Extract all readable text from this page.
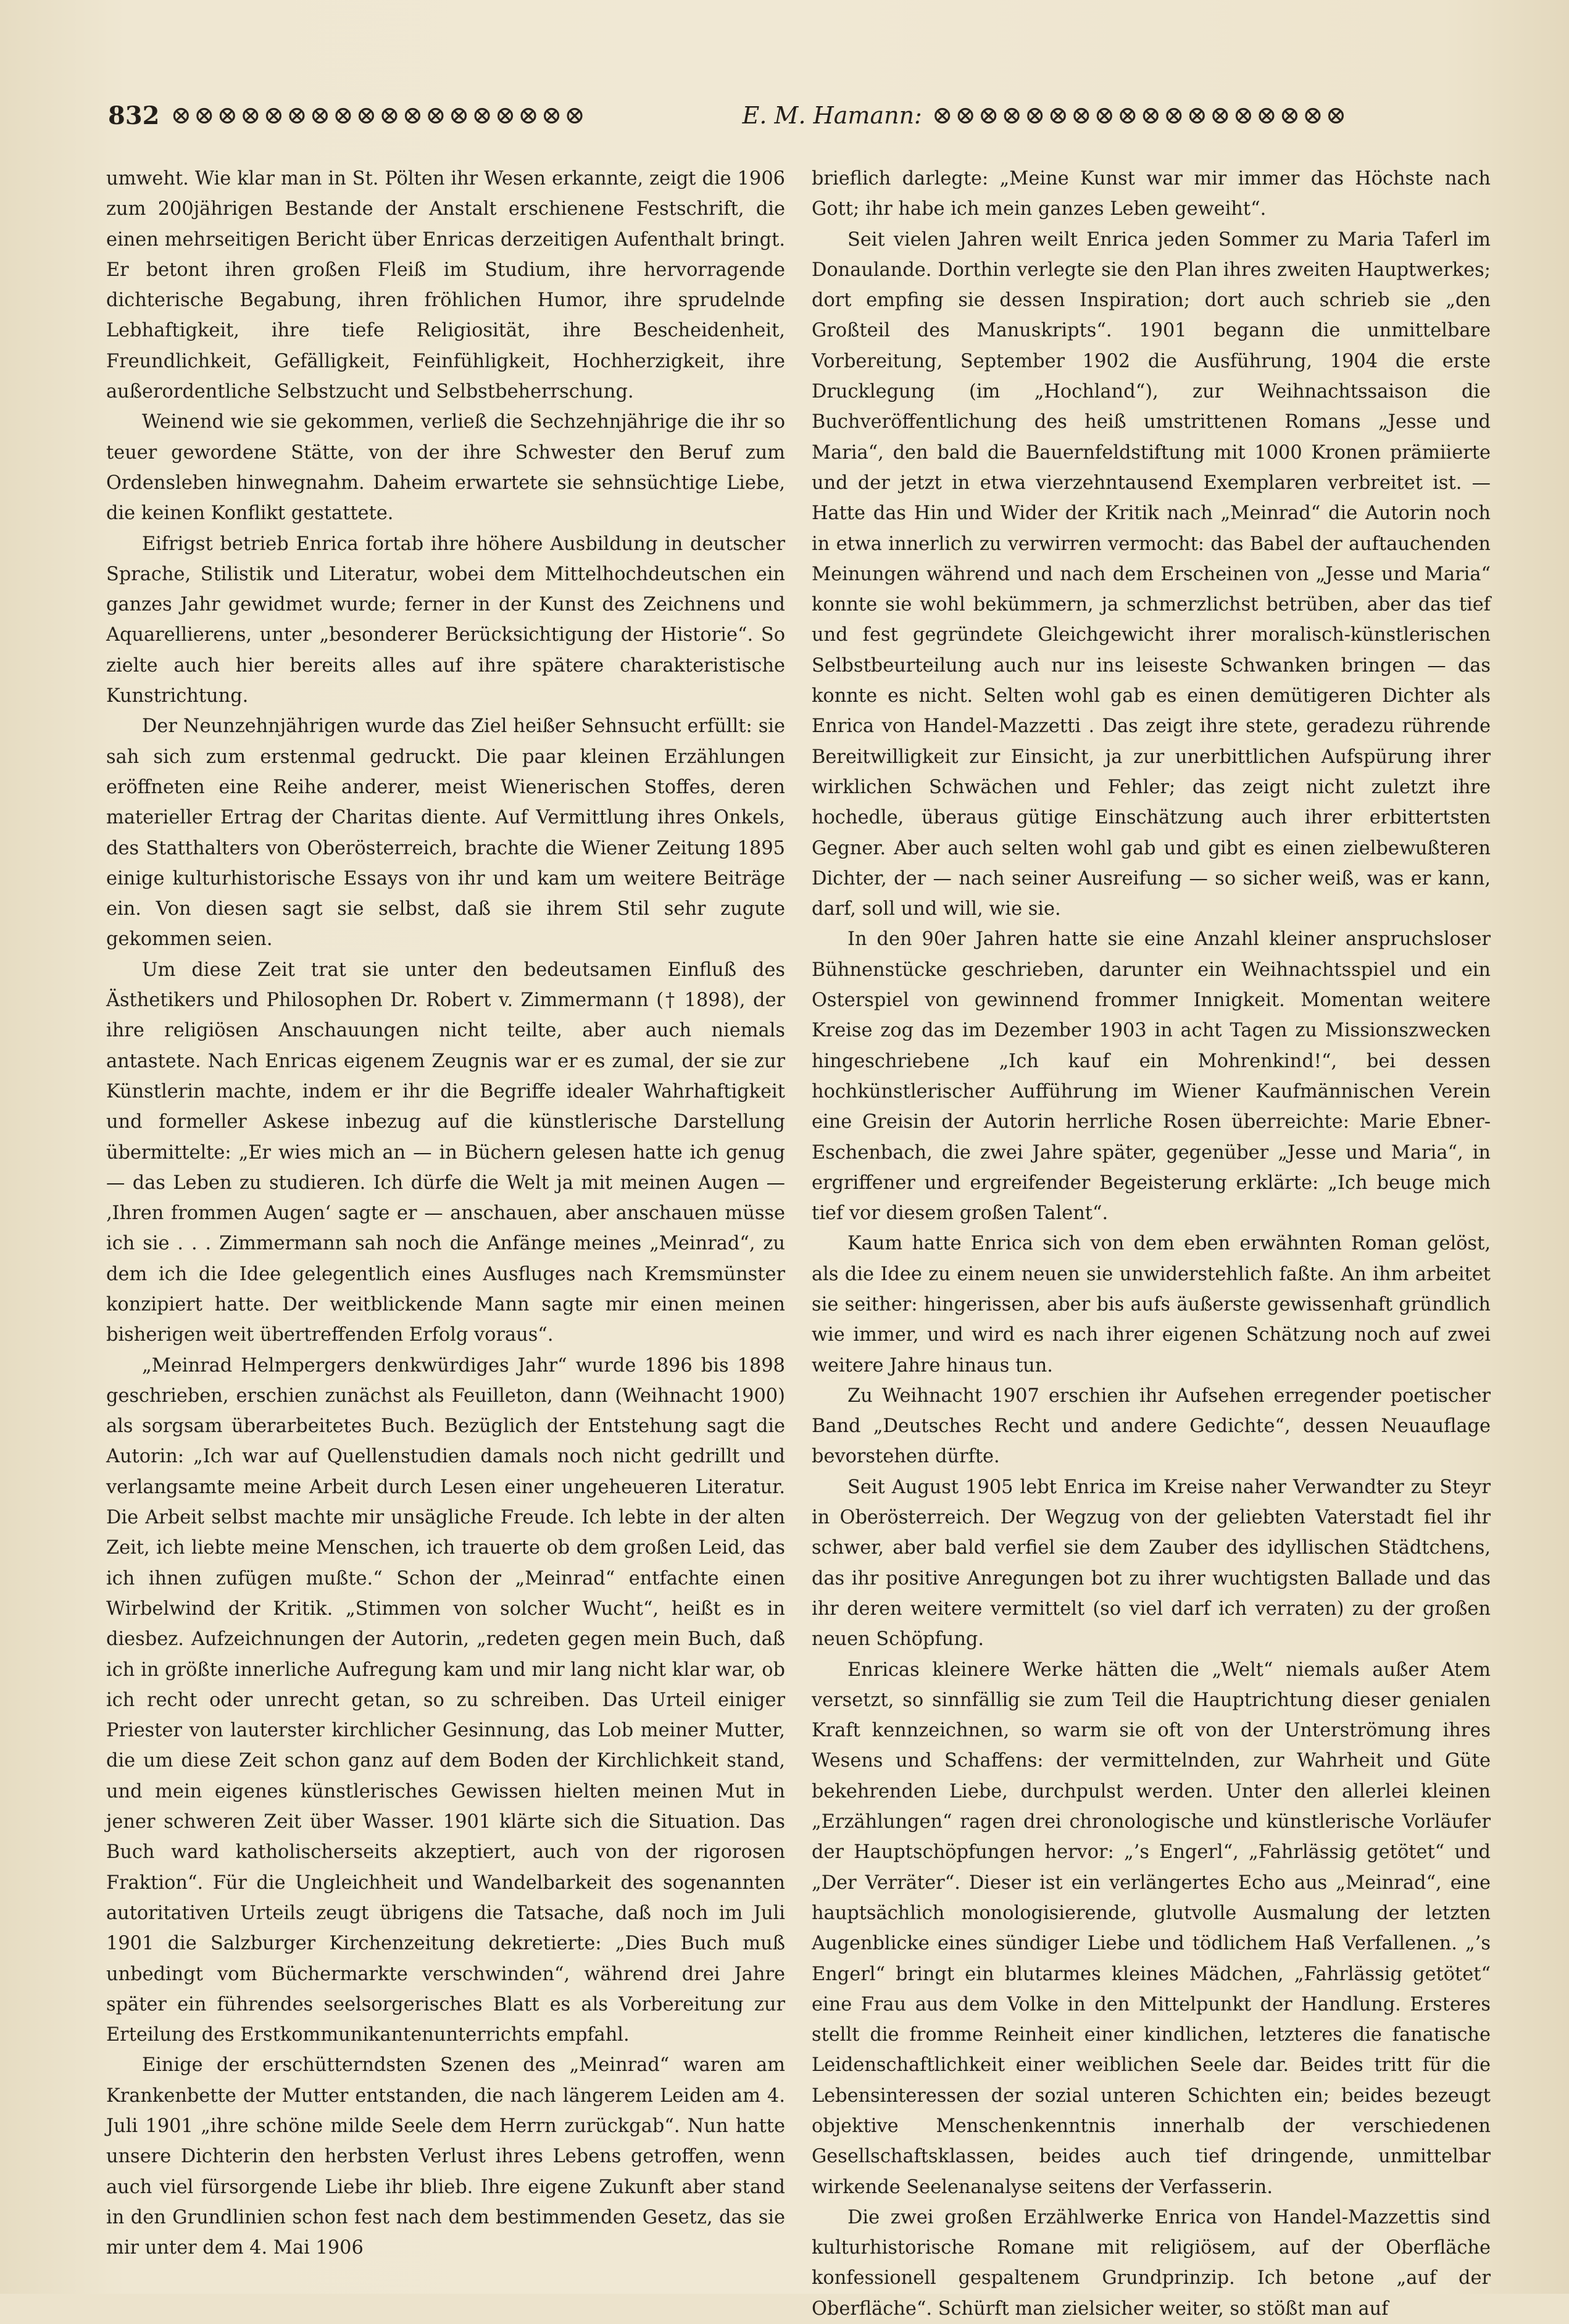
832 ⊗⊗⊗⊗⊗⊗⊗⊗⊗⊗⊗⊗⊗⊗⊗⊗⊗⊗	E. M. Hamann: ⊗⊗⊗⊗⊗⊗⊗⊗⊗⊗⊗⊗⊗⊗⊗⊗⊗⊗

umweht. Wie klar man in St. Pölten ihr Wesen erkannte, zeigt die 1906 zum 200jährigen Bestande der Anstalt erschienene Festschrift, die einen mehrseitigen Bericht über Enricas derzeitigen Aufenthalt bringt. Er betont ihren großen Fleiß im Studium, ihre hervorragende dichterische Begabung, ihren fröhlichen Humor, ihre sprudelnde Lebhaftigkeit, ihre tiefe Religiosität, ihre Bescheidenheit, Freundlichkeit, Gefälligkeit, Feinfühligkeit, Hochherzigkeit, ihre außerordentliche Selbstzucht und Selbstbeherrschung.

Weinend wie sie gekommen, verließ die Sechzehnjährige die ihr so teuer gewordene Stätte, von der ihre Schwester den Beruf zum Ordensleben hinwegnahm. Daheim erwartete sie sehnsüchtige Liebe, die keinen Konflikt gestattete.

Eifrigst betrieb Enrica fortab ihre höhere Ausbildung in deutscher Sprache, Stilistik und Literatur, wobei dem Mittelhochdeutschen ein ganzes Jahr gewidmet wurde; ferner in der Kunst des Zeichnens und Aquarellierens, unter „besonderer Berücksichtigung der Historie“. So zielte auch hier bereits alles auf ihre spätere charakteristische Kunstrichtung.

Der Neunzehnjährigen wurde das Ziel heißer Sehnsucht erfüllt: sie sah sich zum erstenmal gedruckt. Die paar kleinen Erzählungen eröffneten eine Reihe anderer, meist Wienerischen Stoffes, deren materieller Ertrag der Charitas diente. Auf Vermittlung ihres Onkels, des Statthalters von Oberösterreich, brachte die Wiener Zeitung 1895 einige kulturhistorische Essays von ihr und kam um weitere Beiträge ein. Von diesen sagt sie selbst, daß sie ihrem Stil sehr zugute gekommen seien.

Um diese Zeit trat sie unter den bedeutsamen Einfluß des Ästhetikers und Philosophen Dr. Robert v. Zimmermann († 1898), der ihre religiösen Anschauungen nicht teilte, aber auch niemals antastete. Nach Enricas eigenem Zeugnis war er es zumal, der sie zur Künstlerin machte, indem er ihr die Begriffe idealer Wahrhaftigkeit und formeller Askese inbezug auf die künstlerische Darstellung übermittelte: „Er wies mich an — in Büchern gelesen hatte ich genug — das Leben zu studieren. Ich dürfe die Welt ja mit meinen Augen — ‚Ihren frommen Augen‘ sagte er — anschauen, aber anschauen müsse ich sie . . . Zimmermann sah noch die Anfänge meines „Meinrad“, zu dem ich die Idee gelegentlich eines Ausfluges nach Kremsmünster konzipiert hatte. Der weitblickende Mann sagte mir einen meinen bisherigen weit übertreffenden Erfolg voraus“.

„Meinrad Helmpergers denkwürdiges Jahr“ wurde 1896 bis 1898 geschrieben, erschien zunächst als Feuilleton, dann (Weihnacht 1900) als sorgsam überarbeitetes Buch. Bezüglich der Entstehung sagt die Autorin: „Ich war auf Quellenstudien damals noch nicht gedrillt und verlangsamte meine Arbeit durch Lesen einer ungeheueren Literatur. Die Arbeit selbst machte mir unsägliche Freude. Ich lebte in der alten Zeit, ich liebte meine Menschen, ich trauerte ob dem großen Leid, das ich ihnen zufügen mußte.“ Schon der „Meinrad“ entfachte einen Wirbelwind der Kritik. „Stimmen von solcher Wucht“, heißt es in diesbez. Aufzeichnungen der Autorin, „redeten gegen mein Buch, daß ich in größte innerliche Aufregung kam und mir lang nicht klar war, ob ich recht oder unrecht getan, so zu schreiben. Das Urteil einiger Priester von lauterster kirchlicher Gesinnung, das Lob meiner Mutter, die um diese Zeit schon ganz auf dem Boden der Kirchlichkeit stand, und mein eigenes künstlerisches Gewissen hielten meinen Mut in jener schweren Zeit über Wasser. 1901 klärte sich die Situation. Das Buch ward katholischerseits akzeptiert, auch von der rigorosen Fraktion“. Für die Ungleichheit und Wandelbarkeit des sogenannten autoritativen Urteils zeugt übrigens die Tatsache, daß noch im Juli 1901 die Salzburger Kirchenzeitung dekretierte: „Dies Buch muß unbedingt vom Büchermarkte verschwinden“, während drei Jahre später ein führendes seelsorgerisches Blatt es als Vorbereitung zur Erteilung des Erstkommunikantenunterrichts empfahl.

Einige der erschütterndsten Szenen des „Meinrad“ waren am Krankenbette der Mutter entstanden, die nach längerem Leiden am 4. Juli 1901 „ihre schöne milde Seele dem Herrn zurückgab“. Nun hatte unsere Dichterin den herbsten Verlust ihres Lebens getroffen, wenn auch viel fürsorgende Liebe ihr blieb. Ihre eigene Zukunft aber stand in den Grundlinien schon fest nach dem bestimmenden Gesetz, das sie mir unter dem 4. Mai 1906

brieflich darlegte: „Meine Kunst war mir immer das Höchste nach Gott; ihr habe ich mein ganzes Leben geweiht“.

Seit vielen Jahren weilt Enrica jeden Sommer zu Maria Taferl im Donaulande. Dorthin verlegte sie den Plan ihres zweiten Hauptwerkes; dort empfing sie dessen Inspiration; dort auch schrieb sie „den Großteil des Manuskripts“. 1901 begann die unmittelbare Vorbereitung, September 1902 die Ausführung, 1904 die erste Drucklegung (im „Hochland“), zur Weihnachtssaison die Buchveröffentlichung des heiß umstrittenen Romans „Jesse und Maria“, den bald die Bauernfeldstiftung mit 1000 Kronen prämiierte und der jetzt in etwa vierzehntausend Exemplaren verbreitet ist. — Hatte das Hin und Wider der Kritik nach „Meinrad“ die Autorin noch in etwa innerlich zu verwirren vermocht: das Babel der auftauchenden Meinungen während und nach dem Erscheinen von „Jesse und Maria“ konnte sie wohl bekümmern, ja schmerzlichst betrüben, aber das tief und fest gegründete Gleichgewicht ihrer moralisch-künstlerischen Selbstbeurteilung auch nur ins leiseste Schwanken bringen — das konnte es nicht. Selten wohl gab es einen demütigeren Dichter als Enrica von Handel-Mazzetti . Das zeigt ihre stete, geradezu rührende Bereitwilligkeit zur Einsicht, ja zur unerbittlichen Aufspürung ihrer wirklichen Schwächen und Fehler; das zeigt nicht zuletzt ihre hochedle, überaus gütige Einschätzung auch ihrer erbittertsten Gegner. Aber auch selten wohl gab und gibt es einen zielbewußteren Dichter, der — nach seiner Ausreifung — so sicher weiß, was er kann, darf, soll und will, wie sie.

In den 90er Jahren hatte sie eine Anzahl kleiner anspruchsloser Bühnenstücke geschrieben, darunter ein Weihnachtsspiel und ein Osterspiel von gewinnend frommer Innigkeit. Momentan weitere Kreise zog das im Dezember 1903 in acht Tagen zu Missionszwecken hingeschriebene „Ich kauf ein Mohrenkind!“, bei dessen hochkünstlerischer Aufführung im Wiener Kaufmännischen Verein eine Greisin der Autorin herrliche Rosen überreichte: Marie Ebner-Eschenbach, die zwei Jahre später, gegenüber „Jesse und Maria“, in ergriffener und ergreifender Begeisterung erklärte: „Ich beuge mich tief vor diesem großen Talent“.

Kaum hatte Enrica sich von dem eben erwähnten Roman gelöst, als die Idee zu einem neuen sie unwiderstehlich faßte. An ihm arbeitet sie seither: hingerissen, aber bis aufs äußerste gewissenhaft gründlich wie immer, und wird es nach ihrer eigenen Schätzung noch auf zwei weitere Jahre hinaus tun.

Zu Weihnacht 1907 erschien ihr Aufsehen erregender poetischer Band „Deutsches Recht und andere Gedichte“, dessen Neuauflage bevorstehen dürfte.

Seit August 1905 lebt Enrica im Kreise naher Verwandter zu Steyr in Oberösterreich. Der Wegzug von der geliebten Vaterstadt fiel ihr schwer, aber bald verfiel sie dem Zauber des idyllischen Städtchens, das ihr positive Anregungen bot zu ihrer wuchtigsten Ballade und das ihr deren weitere vermittelt (so viel darf ich verraten) zu der großen neuen Schöpfung.

Enricas kleinere Werke hätten die „Welt“ niemals außer Atem versetzt, so sinnfällig sie zum Teil die Hauptrichtung dieser genialen Kraft kennzeichnen, so warm sie oft von der Unterströmung ihres Wesens und Schaffens: der vermittelnden, zur Wahrheit und Güte bekehrenden Liebe, durchpulst werden. Unter den allerlei kleinen „Erzählungen“ ragen drei chronologische und künstlerische Vorläufer der Hauptschöpfungen hervor: „’s Engerl“, „Fahrlässig getötet“ und „Der Verräter“. Dieser ist ein verlängertes Echo aus „Meinrad“, eine hauptsächlich monologisierende, glutvolle Ausmalung der letzten Augenblicke eines sündiger Liebe und tödlichem Haß Verfallenen. „’s Engerl“ bringt ein blutarmes kleines Mädchen, „Fahrlässig getötet“ eine Frau aus dem Volke in den Mittelpunkt der Handlung. Ersteres stellt die fromme Reinheit einer kindlichen, letzteres die fanatische Leidenschaftlichkeit einer weiblichen Seele dar. Beides tritt für die Lebensinteressen der sozial unteren Schichten ein; beides bezeugt objektive Menschenkenntnis innerhalb der verschiedenen Gesellschaftsklassen, beides auch tief dringende, unmittelbar wirkende Seelenanalyse seitens der Verfasserin.

Die zwei großen Erzählwerke Enrica von Handel-Mazzettis sind kulturhistorische Romane mit religiösem, auf der Oberfläche konfessionell gespaltenem Grundprinzip. Ich betone „auf der Oberfläche“. Schürft man zielsicher weiter, so stößt man auf
